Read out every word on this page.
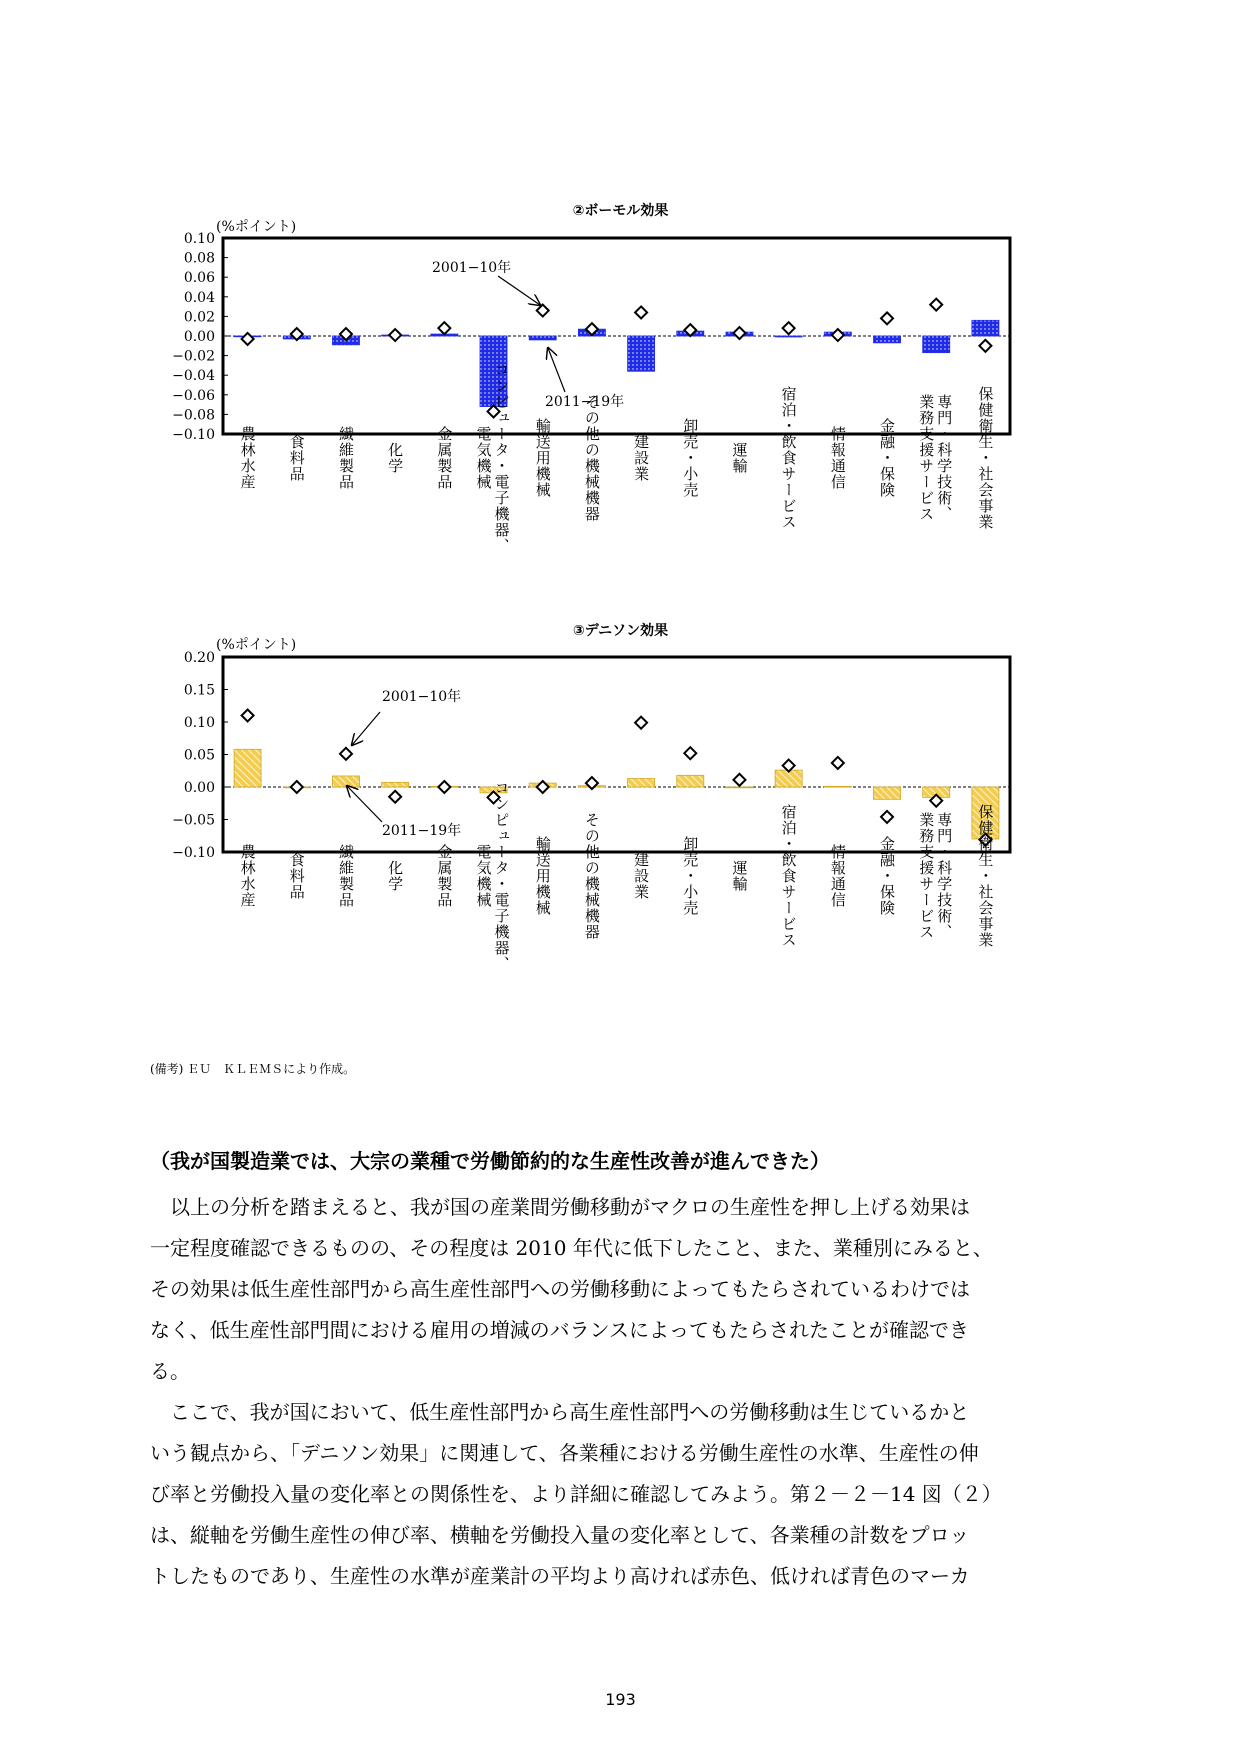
②ボーモル効果
(%ポイント)
0.10
0.08
0.06
0.04
0.02
0.00
−0.02
−0.04
−0.06
−0.08
−0.10 農林水産 食料品 繊維製品 化学 金属製品	コンピュータ・電子機器、
電気機械	輸送用機械 その他の機械機器 建設業 卸売・小売 運輸 宿泊・飲食サービス 情報通信 金融・保険	専門・科学技術、
業務支援サービス	保健衛生・社会事業
2001−10年
2011−19年
③デニソン効果
(%ポイント)
0.20
0.15
0.10
0.05
0.00
−0.05
−0.10 農林水産 食料品 繊維製品 化学 金属製品	コンピュータ・電子機器、
電気機械	輸送用機械 その他の機械機器 建設業 卸売・小売 運輸 宿泊・飲食サービス 情報通信 金融・保険	専門・科学技術、
業務支援サービス	保健衛生・社会事業
2001−10年
2011−19年
(備考) ＥＵ　ＫＬＥＭＳにより作成。
（我が国製造業では、大宗の業種で労働節約的な生産性改善が進んできた）

以上の分析を踏まえると、我が国の産業間労働移動がマクロの生産性を押し上げる効果は

一定程度確認できるものの、その程度は 2010 年代に低下したこと、また、業種別にみると、

その効果は低生産性部門から高生産性部門への労働移動によってもたらされているわけでは

なく、低生産性部門間における雇用の増減のバランスによってもたらされたことが確認でき

る。

ここで、我が国において、低生産性部門から高生産性部門への労働移動は生じているかと

いう観点から、「デニソン効果」に関連して、各業種における労働生産性の水準、生産性の伸

び率と労働投入量の変化率との関係性を、より詳細に確認してみよう。第２－２－14 図（２）

は、縦軸を労働生産性の伸び率、横軸を労働投入量の変化率として、各業種の計数をプロッ

トしたものであり、生産性の水準が産業計の平均より高ければ赤色、低ければ青色のマーカ

193
